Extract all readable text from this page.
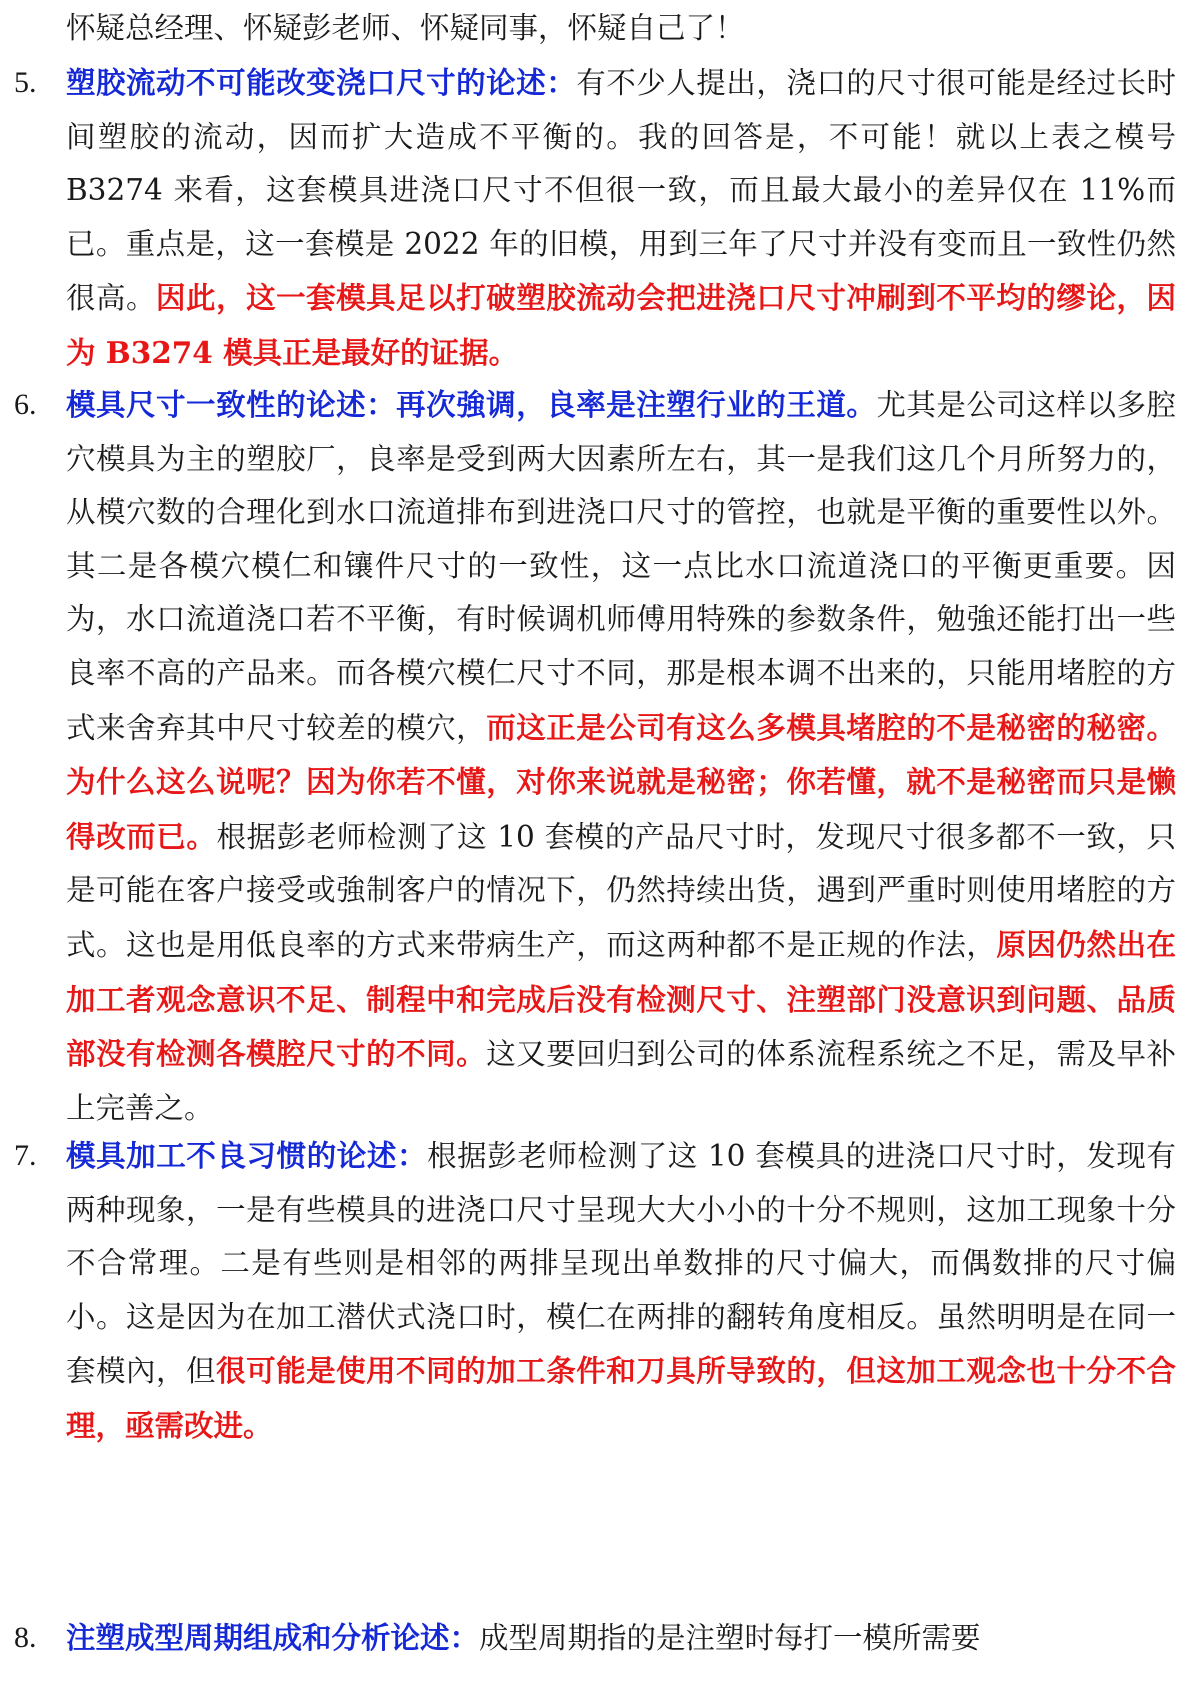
怀疑总经理、怀疑彭老师、怀疑同事，怀疑自己了！

5.	塑胶流动不可能改变浇口尺寸的论述：有不少人提出，浇口的尺寸很可能是经过长时间塑胶的流动，因而扩大造成不平衡的。我的回答是，不可能！就以上表之模号 B3274 来看，这套模具进浇口尺寸不但很一致，而且最大最小的差异仅在 11%而已。重点是，这一套模是 2022 年的旧模，用到三年了尺寸并没有变而且一致性仍然很高。因此，这一套模具足以打破塑胶流动会把进浇口尺寸冲刷到不平均的缪论，因为 B3274 模具正是最好的证据。
6.	模具尺寸一致性的论述：再次強调，良率是注塑行业的王道。尤其是公司这样以多腔穴模具为主的塑胶厂，良率是受到两大因素所左右，其一是我们这几个月所努力的，从模穴数的合理化到水口流道排布到进浇口尺寸的管控，也就是平衡的重要性以外。其二是各模穴模仁和镶件尺寸的一致性，这一点比水口流道浇口的平衡更重要。因为，水口流道浇口若不平衡，有时候调机师傅用特殊的参数条件，勉強还能打出一些良率不高的产品来。而各模穴模仁尺寸不同，那是根本调不出来的，只能用堵腔的方式来舍弃其中尺寸较差的模穴，而这正是公司有这么多模具堵腔的不是秘密的秘密。为什么这么说呢？因为你若不懂，对你来说就是秘密；你若懂，就不是秘密而只是懒得改而已。根据彭老师检测了这 10 套模的产品尺寸时，发现尺寸很多都不一致，只是可能在客户接受或強制客户的情况下，仍然持续出货，遇到严重时则使用堵腔的方式。这也是用低良率的方式来带病生产，而这两种都不是正规的作法，原因仍然出在加工者观念意识不足、制程中和完成后没有检测尺寸、注塑部门没意识到问题、品质部没有检测各模腔尺寸的不同。这又要回归到公司的体系流程系统之不足，需及早补上完善之。
7.	模具加工不良习惯的论述：根据彭老师检测了这 10 套模具的进浇口尺寸时，发现有两种现象，一是有些模具的进浇口尺寸呈现大大小小的十分不规则，这加工现象十分不合常理。二是有些则是相邻的两排呈现出单数排的尺寸偏大，而偶数排的尺寸偏小。这是因为在加工潜伏式浇口时，模仁在两排的翻转角度相反。虽然明明是在同一套模內，但很可能是使用不同的加工条件和刀具所导致的，但这加工观念也十分不合理，亟需改进。
8.	注塑成型周期组成和分析论述：成型周期指的是注塑时每打一模所需要
